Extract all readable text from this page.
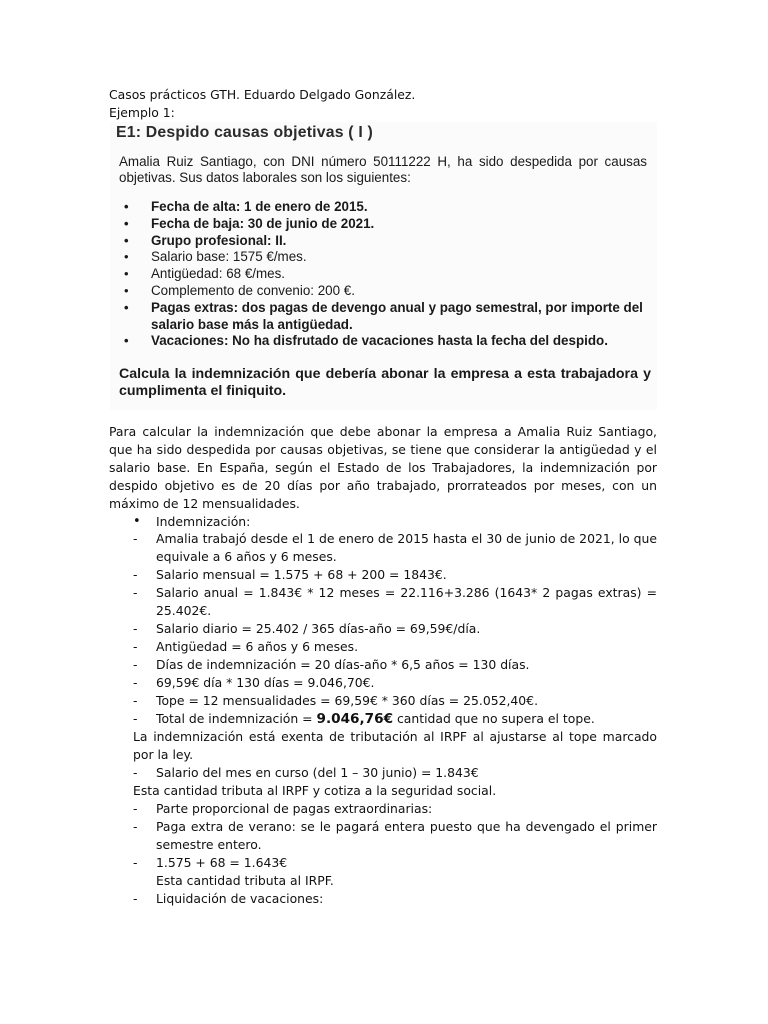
Casos prácticos GTH. Eduardo Delgado González.
Ejemplo 1:
E1: Despido causas objetivas ( I )
Amalia Ruiz Santiago, con DNI número 50111222 H, ha sido despedida por causas objetivas. Sus datos laborales son los siguientes:
• Fecha de alta: 1 de enero de 2015.
• Fecha de baja: 30 de junio de 2021.
• Grupo profesional: II.
• Salario base: 1575 €/mes.
• Antigüedad: 68 €/mes.
• Complemento de convenio: 200 €.
• Pagas extras: dos pagas de devengo anual y pago semestral, por importe del salario base más la antigüedad.
• Vacaciones: No ha disfrutado de vacaciones hasta la fecha del despido.
Calcula la indemnización que debería abonar la empresa a esta trabajadora y cumplimenta el finiquito.
Para calcular la indemnización que debe abonar la empresa a Amalia Ruiz Santiago, que ha sido despedida por causas objetivas, se tiene que considerar la antigüedad y el salario base. En España, según el Estado de los Trabajadores, la indemnización por despido objetivo es de 20 días por año trabajado, prorrateados por meses, con un máximo de 12 mensualidades.
• Indemnización:
- Amalia trabajó desde el 1 de enero de 2015 hasta el 30 de junio de 2021, lo que equivale a 6 años y 6 meses.
- Salario mensual = 1.575 + 68 + 200 = 1843€.
- Salario anual = 1.843€ * 12 meses = 22.116+3.286 (1643* 2 pagas extras) = 25.402€.
- Salario diario = 25.402 / 365 días-año = 69,59€/día.
- Antigüedad = 6 años y 6 meses.
- Días de indemnización = 20 días-año * 6,5 años = 130 días.
- 69,59€ día * 130 días = 9.046,70€.
- Tope = 12 mensualidades = 69,59€ * 360 días = 25.052,40€.
- Total de indemnización = 9.046,76€ cantidad que no supera el tope.
La indemnización está exenta de tributación al IRPF al ajustarse al tope marcado por la ley.
- Salario del mes en curso (del 1 – 30 junio) = 1.843€
Esta cantidad tributa al IRPF y cotiza a la seguridad social.
- Parte proporcional de pagas extraordinarias:
- Paga extra de verano: se le pagará entera puesto que ha devengado el primer semestre entero.
- 1.575 + 68 = 1.643€
Esta cantidad tributa al IRPF.
- Liquidación de vacaciones:
